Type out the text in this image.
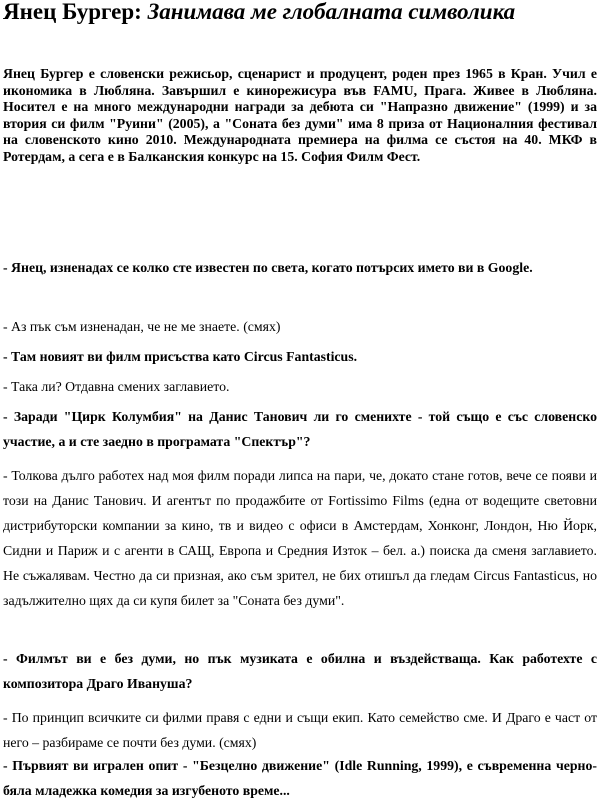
Янец Бургер: Занимава ме глобалната символика

Янец Бургер е словенски режисьор, сценарист и продуцент, роден през 1965 в Кран. Учил е икономика в Любляна. Завършил е кинорежисура във FAMU, Прага. Живее в Любляна. Носител е на много международни награди за дебюта си "Напразно движение" (1999) и за втория си филм "Руини" (2005), а "Соната без думи" има 8 приза от Националния фестивал на словенското кино 2010. Международната премиера на филма се състоя на 40. МКФ в Ротердам, а сега е в Балканския конкурс на 15. София Филм Фест.

- Янец, изненадах се колко сте известен по света, когато потърсих името ви в Google.

- Аз пък съм изненадан, че не ме знаете. (смях)

- Там новият ви филм присъства като Circus Fantasticus.

- Така ли? Отдавна смених заглавието.

- Заради "Цирк Колумбия" на Данис Танович ли го сменихте - той също е със словенско участие, а и сте заедно в програмата "Спектър"?

- Толкова дълго работех над моя филм поради липса на пари, че, докато стане готов, вече се появи и този на Данис Танович. И агентът по продажбите от Fortissimo Films (една от водещите световни дистрибуторски компании за кино, тв и видео с офиси в Амстердам, Хонконг, Лондон, Ню Йорк, Сидни и Париж и с агенти в САЩ, Европа и Средния Изток – бел. а.) поиска да сменя заглавието. Не съжалявам. Честно да си призная, ако съм зрител, не бих отишъл да гледам Circus Fantasticus, но задължително щях да си купя билет за "Соната без думи".

- Филмът ви е без думи, но пък музиката е обилна и въздействаща. Как работехте с композитора Драго Ивануша?

- По принцип всичките си филми правя с едни и същи екип. Като семейство сме. И Драго е част от него – разбираме се почти без думи. (смях)

- Първият ви игрален опит - "Безцелно движение" (Idle Running, 1999), е съвременна черно-бяла младежка комедия за изгубеното време...
